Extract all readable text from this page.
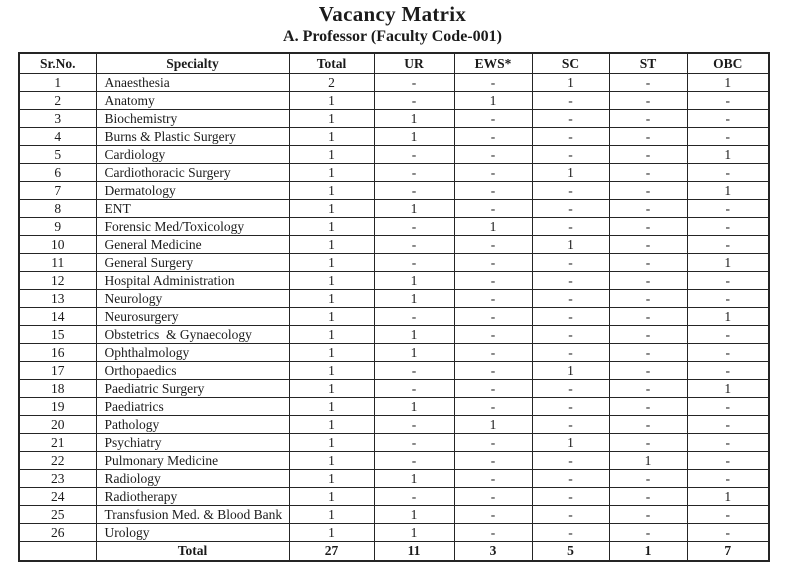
Vacancy Matrix
A. Professor (Faculty Code-001)
Sr.No.	Specialty	Total	UR	EWS*	SC	ST	OBC
1	Anaesthesia	2	-	-	1	-	1
2	Anatomy	1	-	1	-	-	-
3	Biochemistry	1	1	-	-	-	-
4	Burns & Plastic Surgery	1	1	-	-	-	-
5	Cardiology	1	-	-	-	-	1
6	Cardiothoracic Surgery	1	-	-	1	-	-
7	Dermatology	1	-	-	-	-	1
8	ENT	1	1	-	-	-	-
9	Forensic Med/Toxicology	1	-	1	-	-	-
10	General Medicine	1	-	-	1	-	-
11	General Surgery	1	-	-	-	-	1
12	Hospital Administration	1	1	-	-	-	-
13	Neurology	1	1	-	-	-	-
14	Neurosurgery	1	-	-	-	-	1
15	Obstetrics  & Gynaecology	1	1	-	-	-	-
16	Ophthalmology	1	1	-	-	-	-
17	Orthopaedics	1	-	-	1	-	-
18	Paediatric Surgery	1	-	-	-	-	1
19	Paediatrics	1	1	-	-	-	-
20	Pathology	1	-	1	-	-	-
21	Psychiatry	1	-	-	1	-	-
22	Pulmonary Medicine	1	-	-	-	1	-
23	Radiology	1	1	-	-	-	-
24	Radiotherapy	1	-	-	-	-	1
25	Transfusion Med. & Blood Bank	1	1	-	-	-	-
26	Urology	1	1	-	-	-	-
	Total	27	11	3	5	1	7
